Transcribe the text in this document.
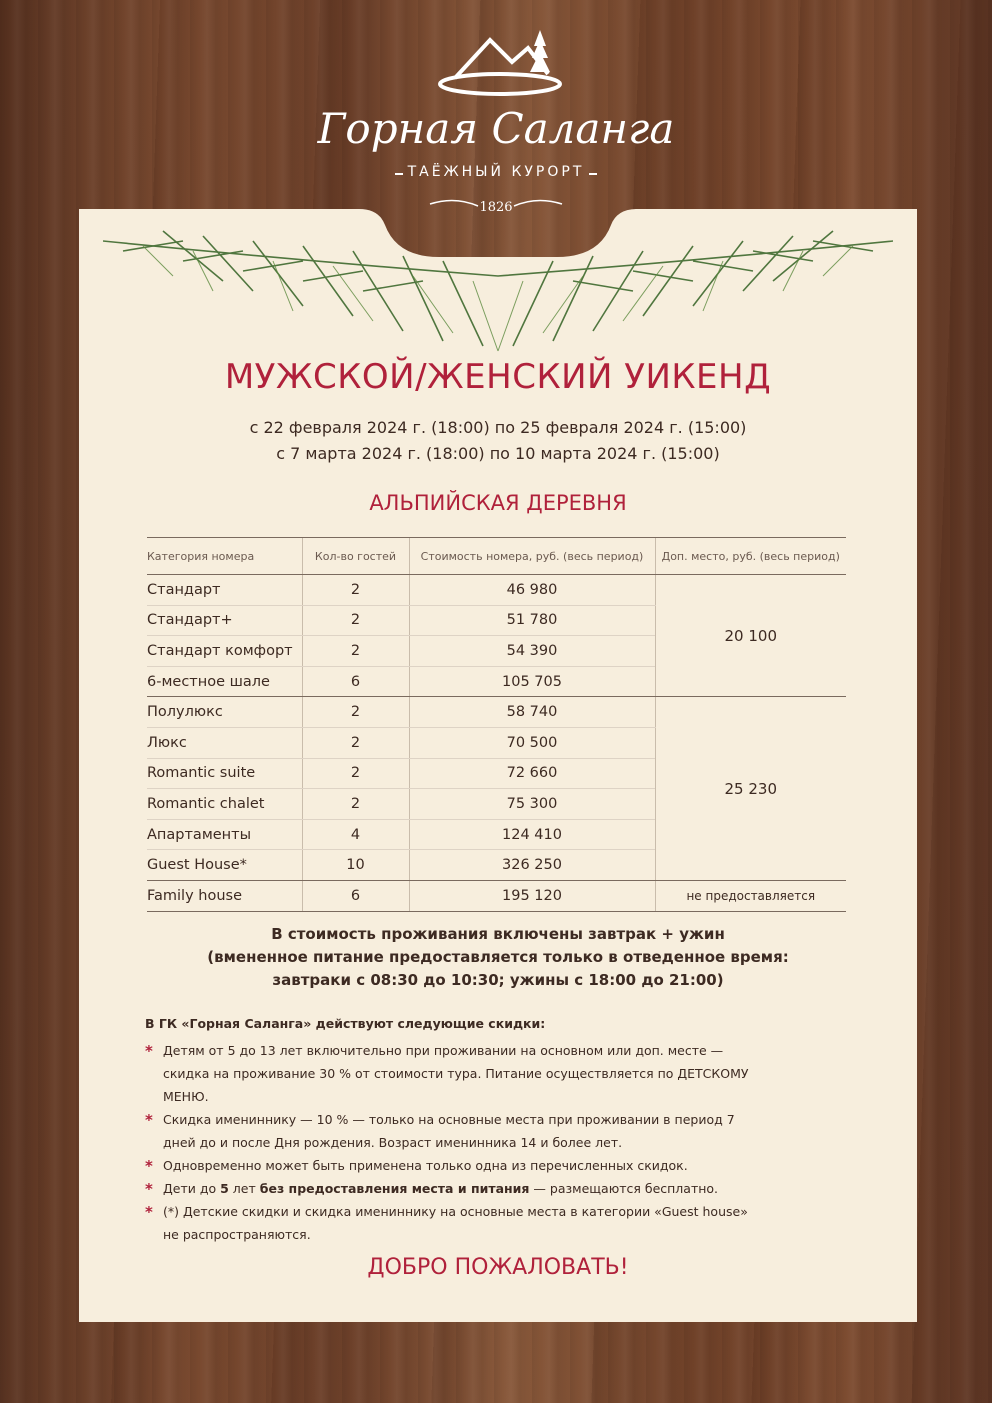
Горная Саланга
ТАЁЖНЫЙ КУРОРТ
1826
МУЖСКОЙ/ЖЕНСКИЙ УИКЕНД
с 22 февраля 2024 г. (18:00) по 25 февраля 2024 г. (15:00)
с 7 марта 2024 г. (18:00) по 10 марта 2024 г. (15:00)
АЛЬПИЙСКАЯ ДЕРЕВНЯ
Категория номера	Кол-во гостей	Стоимость номера, руб. (весь период)	Доп. место, руб. (весь период)
Стандарт	2	46 980	20 100
Стандарт+	2	51 780	
Стандарт комфорт	2	54 390	
6-местное шале	6	105 705	
Полулюкс	2	58 740	25 230
Люкс	2	70 500	
Romantic suite	2	72 660	
Romantic chalet	2	75 300	
Апартаменты	4	124 410	
Guest House*	10	326 250	
Family house	6	195 120	не предоставляется
В стоимость проживания включены завтрак + ужин
(вмененное питание предоставляется только в отведенное время:
завтраки с 08:30 до 10:30; ужины с 18:00 до 21:00)
В ГК «Горная Саланга» действуют следующие скидки:
* Детям от 5 до 13 лет включительно при проживании на основном или доп. месте — скидка на проживание 30 % от стоимости тура. Питание осуществляется по ДЕТСКОМУ МЕНЮ.
* Скидка имениннику — 10 % — только на основные места при проживании в период 7 дней до и после Дня рождения. Возраст именинника 14 и более лет.
* Одновременно может быть применена только одна из перечисленных скидок.
* Дети до 5 лет без предоставления места и питания — размещаются бесплатно.
* (*) Детские скидки и скидка имениннику на основные места в категории «Guest house» не распространяются.
ДОБРО ПОЖАЛОВАТЬ!
